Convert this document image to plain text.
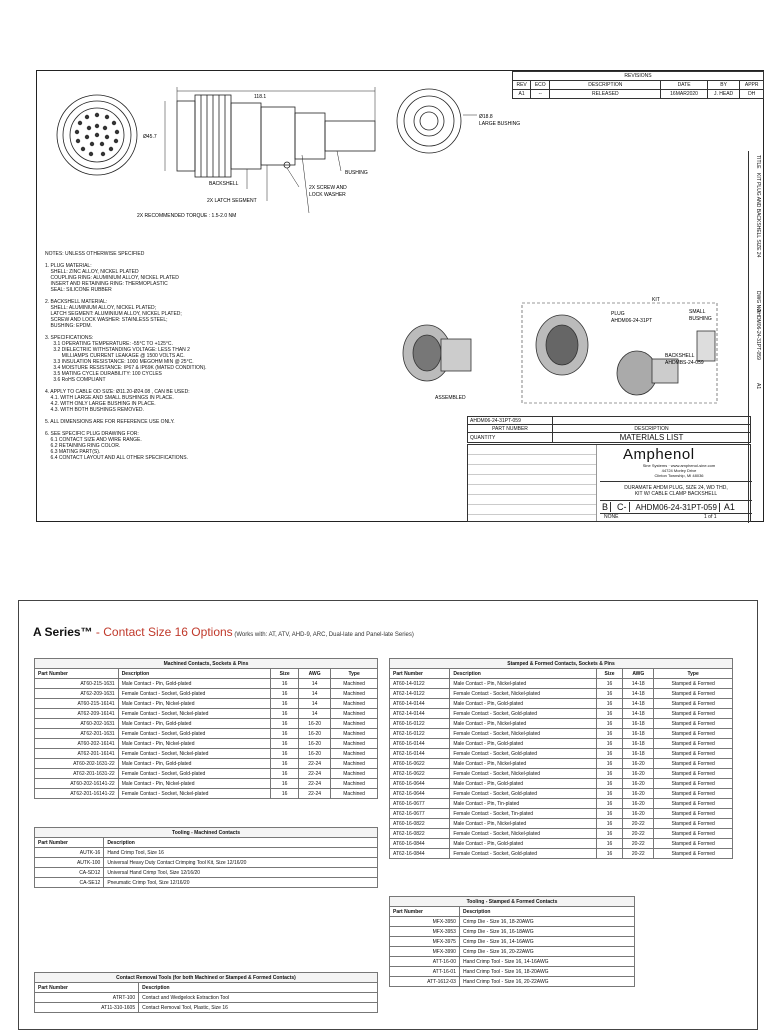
REVISIONS					
REV	ECO	DESCRIPTION	DATE	BY	APPR
A1	--	RELEASED	16MAR2020	J. HEAD	DH
118.1
Ø45.7
Ø18.8
LARGE BUSHING
BUSHING
BACKSHELL
2X SCREW AND
LOCK WASHER
2X LATCH SEGMENT
2X RECOMMENDED TORQUE : 1.5-2.0 NM
NOTES: UNLESS OTHERWISE SPECIFIED
1. PLUG MATERIAL:
SHELL: ZINC ALLOY, NICKEL PLATED
COUPLING RING: ALUMINIUM ALLOY, NICKEL PLATED
INSERT AND RETAINING RING: THERMOPLASTIC
SEAL: SILICONE RUBBER
2. BACKSHELL MATERIAL:
SHELL: ALUMINIUM ALLOY, NICKEL PLATED;
LATCH SEGMENT: ALUMINIUM ALLOY, NICKEL PLATED;
SCREW AND LOCK WASHER: STAINLESS STEEL;
BUSHING: EPDM.
3. SPECIFICATIONS:
3.1 OPERATING TEMPERATURE: -55°C TO +125°C.
3.2 DIELECTRIC WITHSTANDING VOLTAGE: LESS THAN 2
MILLIAMPS CURRENT LEAKAGE @ 1500 VOLTS AC.
3.3 INSULATION RESISTANCE: 1000 MEGOHM MIN @ 25°C.
3.4 MOISTURE RESISTANCE: IP67 & IP69K (MATED CONDITION).
3.5 MATING CYCLE DURABILITY: 100 CYCLES
3.6 RoHS COMPLIANT
4. APPLY TO CABLE OD SIZE: Ø11.20-Ø24.08 , CAN BE USED:
4.1. WITH LARGE AND SMALL BUSHINGS IN PLACE.
4.2. WITH ONLY LARGE BUSHING IN PLACE.
4.3. WITH BOTH BUSHINGS REMOVED.
5. ALL DIMENSIONS ARE FOR REFERENCE USE ONLY.
6. SEE SPECIFIC PLUG DRAWING FOR:
6.1 CONTACT SIZE AND WIRE RANGE.
6.2 RETAINING RING COLOR.
6.3 MATING PART(S).
6.4 CONTACT LAYOUT AND ALL OTHER SPECIFICATIONS.
KIT
PLUG
AHDM06-24-31PT
SMALL
BUSHING
BACKSHELL
AHDMBS-24-059
ASSEMBLED
AHDM06-24-31PT-059	
PART NUMBER	DESCRIPTION
QUANTITY	MATERIALS LIST
Amphenol
Sine Systems · www.amphenol-sine.com
44724 Morley Drive
Clinton Township, MI 48036
DURAMATE AHDM PLUG, SIZE 24, WD THD,
KIT W/ CABLE CLAMP BACKSHELL
B	C-	AHDM06-24-31PT-059 A1
NONE	1 of 1
TITLE
KIT PLUG AND BACKSHELL SIZE 24
DWG NO
AHDM06-24-31PT-059
A1
A Series™ - Contact Size 16 Options (Works with: AT, ATV, AHD-9, ARC, Dual-late and Panel-late Series)
Machined Contacts, Sockets & Pins				
Part Number	Description	Size	AWG	Type
AT60-215-1631	Male Contact - Pin, Gold-plated	16	14	Machined
AT62-209-1631	Female Contact - Socket, Gold-plated	16	14	Machined
AT60-215-16141	Male Contact - Pin, Nickel-plated	16	14	Machined
AT62-209-16141	Female Contact - Socket, Nickel-plated	16	14	Machined
AT60-202-1631	Male Contact - Pin, Gold-plated	16	16-20	Machined
AT62-201-1631	Female Contact - Socket, Gold-plated	16	16-20	Machined
AT60-202-16141	Male Contact - Pin, Nickel-plated	16	16-20	Machined
AT62-201-16141	Female Contact - Socket, Nickel-plated	16	16-20	Machined
AT60-202-1631-22	Male Contact - Pin, Gold-plated	16	22-24	Machined
AT62-201-1631-22	Female Contact - Socket, Gold-plated	16	22-24	Machined
AT60-202-16141-22	Male Contact - Pin, Nickel-plated	16	22-24	Machined
AT62-201-16141-22	Female Contact - Socket, Nickel-plated	16	22-24	Machined
Tooling - Machined Contacts	
Part Number	Description
AUTK-16	Hand Crimp Tool, Size 16
AUTK-100	Universal Heavy Duty Contact Crimping Tool Kit, Size 12/16/20
CA-SD12	Universal Hand Crimp Tool, Size 12/16/20
CA-SE12	Pneumatic Crimp Tool, Size 12/16/20
Contact Removal Tools (for both Machined or Stamped & Formed Contacts)	
Part Number	Description
ATRT-100	Contact and Wedgelock Extraction Tool
AT11-310-1605	Contact Removal Tool, Plastic, Size 16
Stamped & Formed Contacts, Sockets & Pins				
Part Number	Description	Size	AWG	Type
AT60-14-0122	Male Contact - Pin, Nickel-plated	16	14-18	Stamped & Formed
AT62-14-0122	Female Contact - Socket, Nickel-plated	16	14-18	Stamped & Formed
AT60-14-0144	Male Contact - Pin, Gold-plated	16	14-18	Stamped & Formed
AT62-14-0144	Female Contact - Socket, Gold-plated	16	14-18	Stamped & Formed
AT60-16-0122	Male Contact - Pin, Nickel-plated	16	16-18	Stamped & Formed
AT62-16-0122	Female Contact - Socket, Nickel-plated	16	16-18	Stamped & Formed
AT60-16-0144	Male Contact - Pin, Gold-plated	16	16-18	Stamped & Formed
AT62-16-0144	Female Contact - Socket, Gold-plated	16	16-18	Stamped & Formed
AT60-16-0622	Male Contact - Pin, Nickel-plated	16	16-20	Stamped & Formed
AT62-16-0622	Female Contact - Socket, Nickel-plated	16	16-20	Stamped & Formed
AT60-16-0644	Male Contact - Pin, Gold-plated	16	16-20	Stamped & Formed
AT62-16-0644	Female Contact - Socket, Gold-plated	16	16-20	Stamped & Formed
AT60-16-0677	Male Contact - Pin, Tin-plated	16	16-20	Stamped & Formed
AT62-16-0677	Female Contact - Socket, Tin-plated	16	16-20	Stamped & Formed
AT60-16-0822	Male Contact - Pin, Nickel-plated	16	20-22	Stamped & Formed
AT62-16-0822	Female Contact - Socket, Nickel-plated	16	20-22	Stamped & Formed
AT60-16-0844	Male Contact - Pin, Gold-plated	16	20-22	Stamped & Formed
AT62-16-0844	Female Contact - Socket, Gold-plated	16	20-22	Stamped & Formed
Tooling - Stamped & Formed Contacts	
Part Number	Description
MFX-3950	Crimp Die - Size 16, 18-20AWG
MFX-3953	Crimp Die - Size 16, 16-18AWG
MFX-3975	Crimp Die - Size 16, 14-16AWG
MFX-3990	Crimp Die - Size 16, 20-22AWG
ATT-16-00	Hand Crimp Tool - Size 16, 14-16AWG
ATT-16-01	Hand Crimp Tool - Size 16, 18-20AWG
ATT-1612-03	Hand Crimp Tool - Size 16, 20-22AWG
